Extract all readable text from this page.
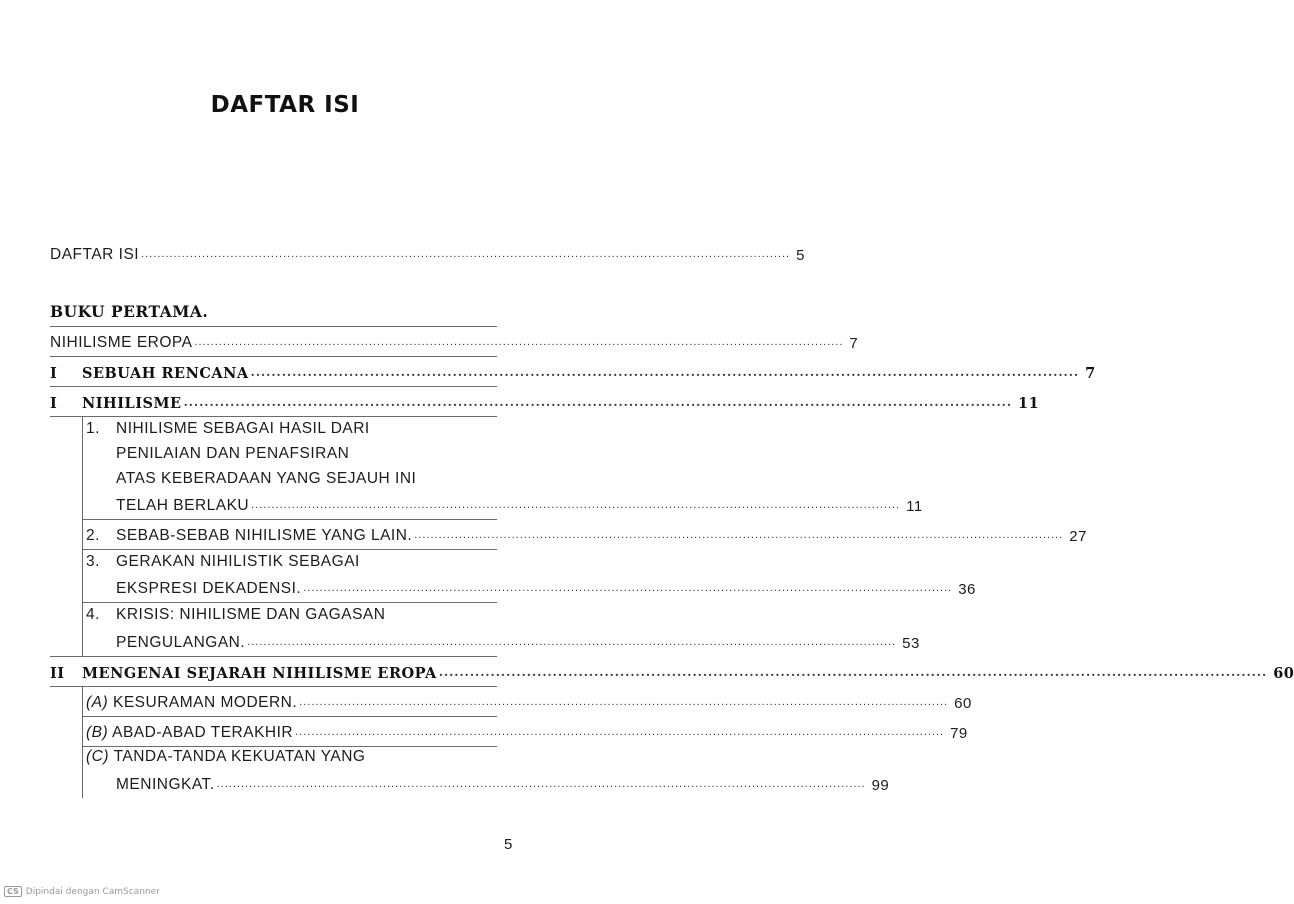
DAFTAR ISI
DAFTAR ISI ................................................................................................................................................................ 5
BUKU PERTAMA.
NIHILISME EROPA ................................................................................................................................................................ 7
I SEBUAH RENCANA ................................................................................................................................................................ 7
I NIHILISME ................................................................................................................................................................ 11
1. NIHILISME SEBAGAI HASIL DARI
PENILAIAN DAN PENAFSIRAN
ATAS KEBERADAAN YANG SEJAUH INI
TELAH BERLAKU ................................................................................................................................................................ 11
2. SEBAB-SEBAB NIHILISME YANG LAIN. ................................................................................................................................................................ 27
3. GERAKAN NIHILISTIK SEBAGAI
EKSPRESI DEKADENSI. ................................................................................................................................................................ 36
4. KRISIS: NIHILISME DAN GAGASAN
PENGULANGAN. ................................................................................................................................................................ 53
II MENGENAI SEJARAH NIHILISME EROPA ................................................................................................................................................................ 60
(A) KESURAMAN MODERN. ................................................................................................................................................................ 60
(B) ABAD-ABAD TERAKHIR ................................................................................................................................................................ 79
(C) TANDA-TANDA KEKUATAN YANG
MENINGKAT. ................................................................................................................................................................ 99
5
CS Dipindai dengan CamScanner
